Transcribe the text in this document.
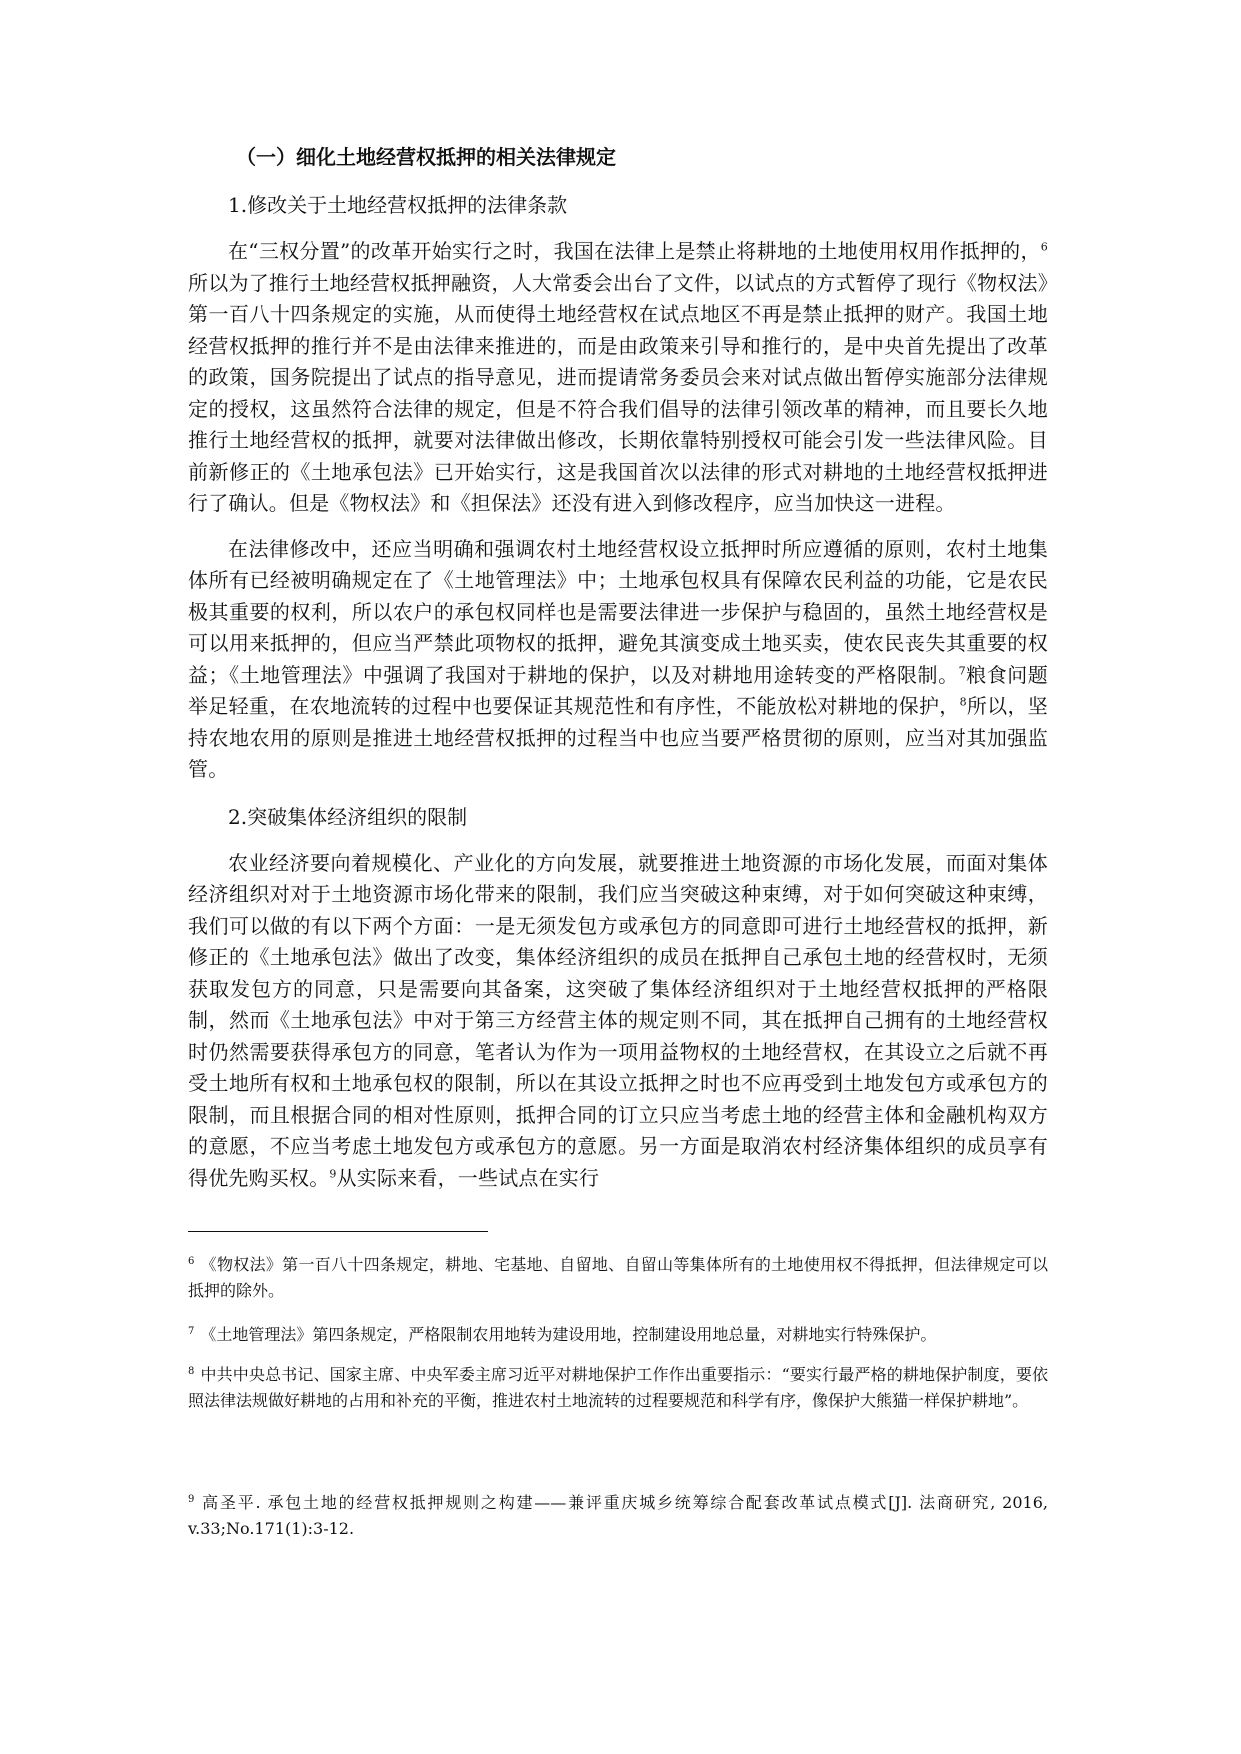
（一）细化土地经营权抵押的相关法律规定
1.修改关于土地经营权抵押的法律条款

在“三权分置”的改革开始实行之时，我国在法律上是禁止将耕地的土地使用权用作抵押的，$^6$所以为了推行土地经营权抵押融资，人大常委会出台了文件，以试点的方式暂停了现行《物权法》第一百八十四条规定的实施，从而使得土地经营权在试点地区不再是禁止抵押的财产。我国土地经营权抵押的推行并不是由法律来推进的，而是由政策来引导和推行的，是中央首先提出了改革的政策，国务院提出了试点的指导意见，进而提请常务委员会来对试点做出暂停实施部分法律规定的授权，这虽然符合法律的规定，但是不符合我们倡导的法律引领改革的精神，而且要长久地推行土地经营权的抵押，就要对法律做出修改，长期依靠特别授权可能会引发一些法律风险。目前新修正的《土地承包法》已开始实行，这是我国首次以法律的形式对耕地的土地经营权抵押进行了确认。但是《物权法》和《担保法》还没有进入到修改程序，应当加快这一进程。

在法律修改中，还应当明确和强调农村土地经营权设立抵押时所应遵循的原则，农村土地集体所有已经被明确规定在了《土地管理法》中；土地承包权具有保障农民利益的功能，它是农民极其重要的权利，所以农户的承包权同样也是需要法律进一步保护与稳固的，虽然土地经营权是可以用来抵押的，但应当严禁此项物权的抵押，避免其演变成土地买卖，使农民丧失其重要的权益；《土地管理法》中强调了我国对于耕地的保护，以及对耕地用途转变的严格限制。$^7$粮食问题举足轻重，在农地流转的过程中也要保证其规范性和有序性，不能放松对耕地的保护，$^8$所以，坚持农地农用的原则是推进土地经营权抵押的过程当中也应当要严格贯彻的原则，应当对其加强监管。

2.突破集体经济组织的限制

农业经济要向着规模化、产业化的方向发展，就要推进土地资源的市场化发展，而面对集体经济组织对对于土地资源市场化带来的限制，我们应当突破这种束缚，对于如何突破这种束缚，我们可以做的有以下两个方面：一是无须发包方或承包方的同意即可进行土地经营权的抵押，新修正的《土地承包法》做出了改变，集体经济组织的成员在抵押自己承包土地的经营权时，无须获取发包方的同意，只是需要向其备案，这突破了集体经济组织对于土地经营权抵押的严格限制，然而《土地承包法》中对于第三方经营主体的规定则不同，其在抵押自己拥有的土地经营权时仍然需要获得承包方的同意，笔者认为作为一项用益物权的土地经营权，在其设立之后就不再受土地所有权和土地承包权的限制，所以在其设立抵押之时也不应再受到土地发包方或承包方的限制，而且根据合同的相对性原则，抵押合同的订立只应当考虑土地的经营主体和金融机构双方的意愿，不应当考虑土地发包方或承包方的意愿。另一方面是取消农村经济集体组织的成员享有得优先购买权。$^9$从实际来看，一些试点在实行

$^6$ 《物权法》第一百八十四条规定，耕地、宅基地、自留地、自留山等集体所有的土地使用权不得抵押，但法律规定可以抵押的除外。

$^7$ 《土地管理法》第四条规定，严格限制农用地转为建设用地，控制建设用地总量，对耕地实行特殊保护。

$^8$ 中共中央总书记、国家主席、中央军委主席习近平对耕地保护工作作出重要指示：“要实行最严格的耕地保护制度，要依照法律法规做好耕地的占用和补充的平衡，推进农村土地流转的过程要规范和科学有序，像保护大熊猫一样保护耕地”。

$^9$ 高圣平. 承包土地的经营权抵押规则之构建——兼评重庆城乡统筹综合配套改革试点模式[J]. 法商研究, 2016, v.33;No.171(1):3-12.
